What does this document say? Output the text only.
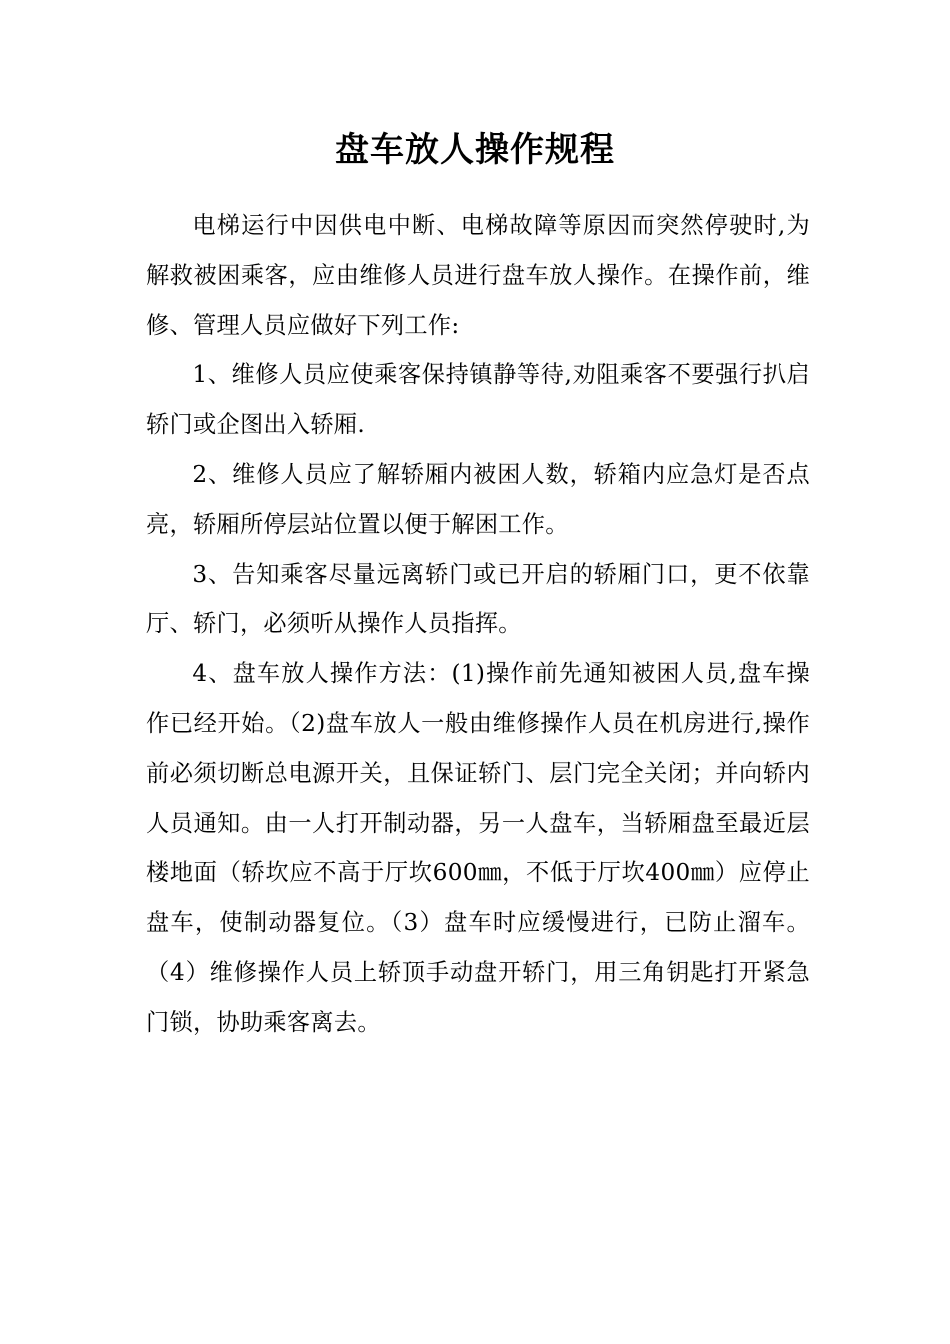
盘车放人操作规程

电梯运行中因供电中断、电梯故障等原因而突然停驶时,为解救被困乘客，应由维修人员进行盘车放人操作。在操作前，维修、管理人员应做好下列工作:

1、维修人员应使乘客保持镇静等待,劝阻乘客不要强行扒启轿门或企图出入轿厢.

2、维修人员应了解轿厢内被困人数，轿箱内应急灯是否点亮，轿厢所停层站位置以便于解困工作。

3、告知乘客尽量远离轿门或已开启的轿厢门口，更不依靠厅、轿门，必须听从操作人员指挥。

4、盘车放人操作方法：(1)操作前先通知被困人员,盘车操作已经开始。（2)盘车放人一般由维修操作人员在机房进行,操作前必须切断总电源开关，且保证轿门、层门完全关闭；并向轿内人员通知。由一人打开制动器，另一人盘车，当轿厢盘至最近层楼地面（轿坎应不高于厅坎600㎜，不低于厅坎400㎜）应停止盘车，使制动器复位。（3）盘车时应缓慢进行，已防止溜车。（4）维修操作人员上轿顶手动盘开轿门，用三角钥匙打开紧急门锁，协助乘客离去。
